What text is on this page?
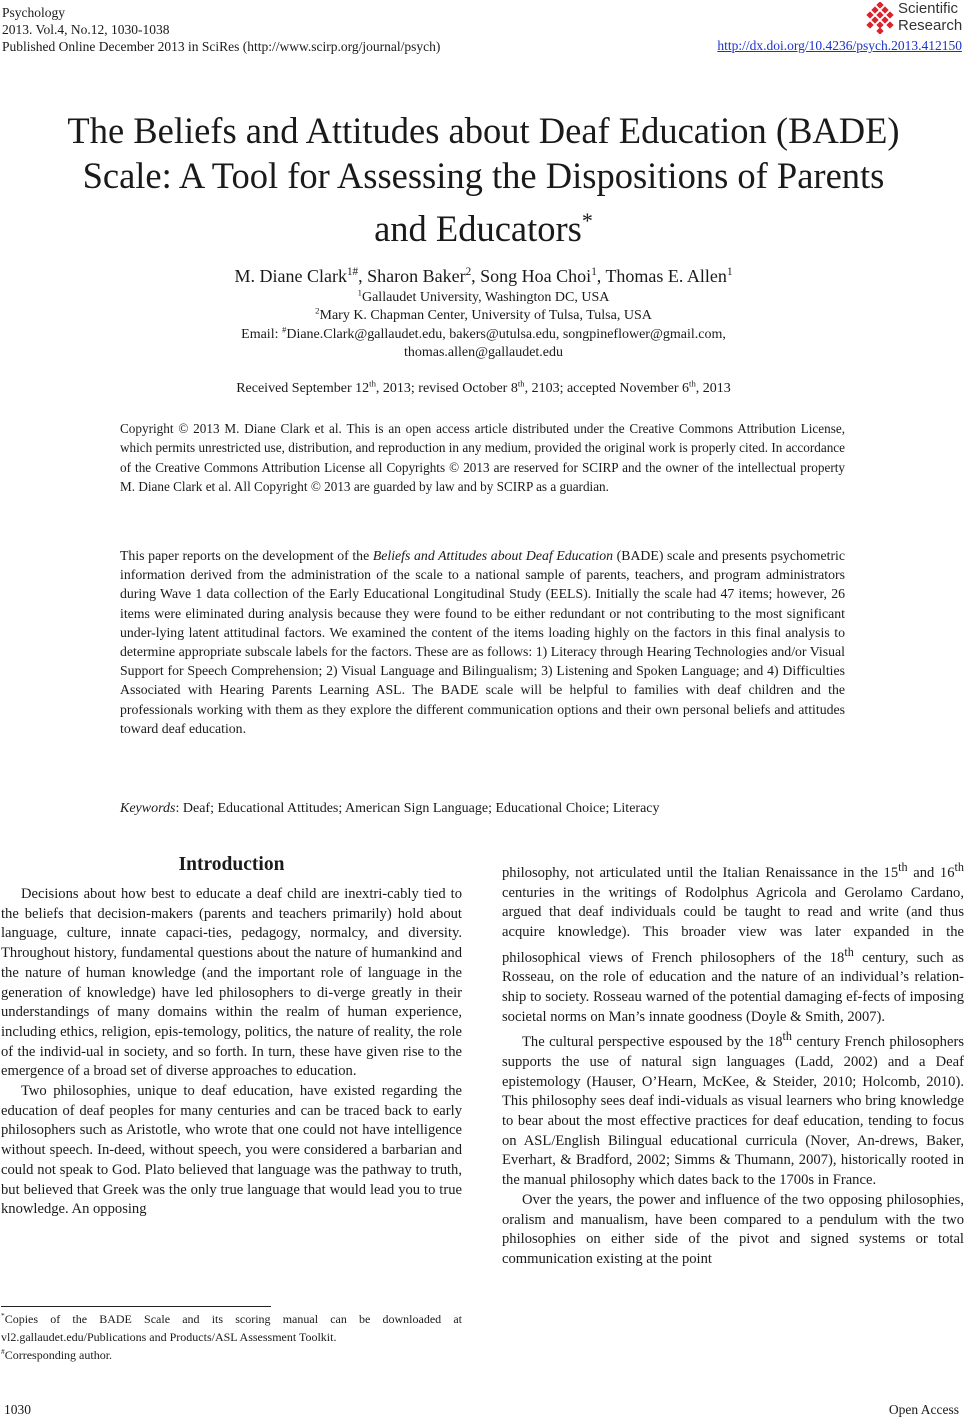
Psychology
2013. Vol.4, No.12, 1030-1038
Published Online December 2013 in SciRes (http://www.scirp.org/journal/psych)
Scientific
Research
http://dx.doi.org/10.4236/psych.2013.412150
The Beliefs and Attitudes about Deaf Education (BADE)
Scale: A Tool for Assessing the Dispositions of Parents
and Educators*
M. Diane Clark$^{1\#}$, Sharon Baker$^2$, Song Hoa Choi$^1$, Thomas E. Allen$^1$
$^1$Gallaudet University, Washington DC, USA
$^2$Mary K. Chapman Center, University of Tulsa, Tulsa, USA
Email: #Diane.Clark@gallaudet.edu, bakers@utulsa.edu, songpineflower@gmail.com,
thomas.allen@gallaudet.edu
Received September 12th, 2013; revised October 8th, 2103; accepted November 6th, 2013
Copyright © 2013 M. Diane Clark et al. This is an open access article distributed under the Creative Commons Attribution License, which permits unrestricted use, distribution, and reproduction in any medium, provided the original work is properly cited. In accordance of the Creative Commons Attribution License all Copyrights © 2013 are reserved for SCIRP and the owner of the intellectual property M. Diane Clark et al. All Copyright © 2013 are guarded by law and by SCIRP as a guardian.
This paper reports on the development of the Beliefs and Attitudes about Deaf Education (BADE) scale and presents psychometric information derived from the administration of the scale to a national sample of parents, teachers, and program administrators during Wave 1 data collection of the Early Educational Longitudinal Study (EELS). Initially the scale had 47 items; however, 26 items were eliminated during analysis because they were found to be either redundant or not contributing to the most significant under-lying latent attitudinal factors. We examined the content of the items loading highly on the factors in this final analysis to determine appropriate subscale labels for the factors. These are as follows: 1) Literacy through Hearing Technologies and/or Visual Support for Speech Comprehension; 2) Visual Language and Bilingualism; 3) Listening and Spoken Language; and 4) Difficulties Associated with Hearing Parents Learning ASL. The BADE scale will be helpful to families with deaf children and the professionals working with them as they explore the different communication options and their own personal beliefs and attitudes toward deaf education.
Keywords: Deaf; Educational Attitudes; American Sign Language; Educational Choice; Literacy
Introduction

Decisions about how best to educate a deaf child are inextri-cably tied to the beliefs that decision-makers (parents and teachers primarily) hold about language, culture, innate capaci-ties, pedagogy, normalcy, and diversity. Throughout history, fundamental questions about the nature of humankind and the nature of human knowledge (and the important role of language in the generation of knowledge) have led philosophers to di-verge greatly in their understandings of many domains within the realm of human experience, including ethics, religion, epis-temology, politics, the nature of reality, the role of the individ-ual in society, and so forth. In turn, these have given rise to the emergence of a broad set of diverse approaches to education.

Two philosophies, unique to deaf education, have existed regarding the education of deaf peoples for many centuries and can be traced back to early philosophers such as Aristotle, who wrote that one could not have intelligence without speech. In-deed, without speech, you were considered a barbarian and could not speak to God. Plato believed that language was the pathway to truth, but believed that Greek was the only true language that would lead you to true knowledge. An opposing

*Copies of the BADE Scale and its scoring manual can be downloaded at vl2.gallaudet.edu/Publications and Products/ASL Assessment Toolkit.
#Corresponding author.

philosophy, not articulated until the Italian Renaissance in the 15th and 16th centuries in the writings of Rodolphus Agricola and Gerolamo Cardano, argued that deaf individuals could be taught to read and write (and thus acquire knowledge). This broader view was later expanded in the philosophical views of French philosophers of the 18th century, such as Rosseau, on the role of education and the nature of an individual’s relation-ship to society. Rosseau warned of the potential damaging ef-fects of imposing societal norms on Man’s innate goodness (Doyle & Smith, 2007).

The cultural perspective espoused by the 18th century French philosophers supports the use of natural sign languages (Ladd, 2002) and a Deaf epistemology (Hauser, O’Hearn, McKee, & Steider, 2010; Holcomb, 2010). This philosophy sees deaf indi-viduals as visual learners who bring knowledge to bear about the most effective practices for deaf education, tending to focus on ASL/English Bilingual educational curricula (Nover, An-drews, Baker, Everhart, & Bradford, 2002; Simms & Thumann, 2007), historically rooted in the manual philosophy which dates back to the 1700s in France.

Over the years, the power and influence of the two opposing philosophies, oralism and manualism, have been compared to a pendulum with the two philosophies on either side of the pivot and signed systems or total communication existing at the point

1030	Open Access
